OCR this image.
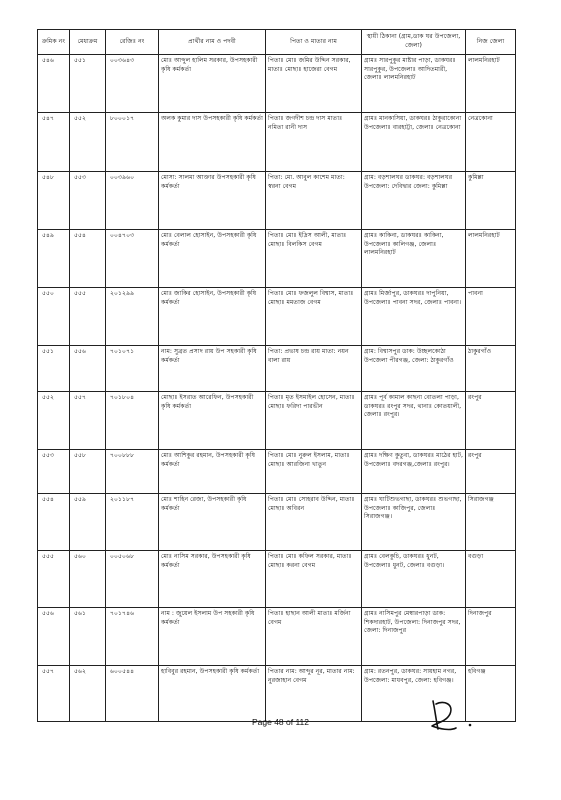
ক্রমিক নং	মেধাক্রম	রেজিঃ নং	প্রার্থীর নাম ও পদবী	পিতা ও মাতার নাম	স্থায়ী ঠিকানা (গ্রাম,ডাক ঘর উপজেলা, জেলা)	নিজ জেলা
৫৪৬	৫৫১	০০৩৬৪৩	মোঃ আব্দুল হালিম সরকার, উপসহকারী কৃষি কর্মকর্তা	পিতাঃ মোঃ জমির উদ্দিন সরকার, মাতাঃ মোছাঃ হাজেরা বেগম	গ্রামঃ সারপুকুর মাষ্টার পাড়া, ডাকঘরঃ সারপুকুর, উপজেলাঃ আদিতমারী, জেলাঃ লালমনিরহাট	লালমনিরহাট
৫৪৭	৫৫২	৮০০০১৭	অলক কুমার দাস উপসহকারী কৃষি কর্মকর্তা	পিতাঃ জগদীশ চন্দ্র দাস মাতাঃ নমিতা রানী দাস	গ্রামঃ মানকাসিয়া, ডাকঘরঃ ঠাকুরাকোনা উপজেলাঃ বারহাট্টা, জেলাঃ নেত্রকোনা	নেত্রকোনা
৫৪৮	৫৫৩	০০৩৯৬০	মোসা: সালমা আক্তার উপসহকারী কৃষি কর্মকর্তা	পিতা: মো. আবুল কাশেম মাতা: স্বরনা বেগম	গ্রাম: বড়শালঘর ডাকঘর: বড়শালঘর উপজেলা: দেবিদ্বার জেলা: কুমিল্লা	কুমিল্লা
৫৪৯	৫৫৪	০০৪৭০৩	মোঃ বেলাল হোসাইন, উপসহকারী কৃষি কর্মকর্তা	পিতাঃ মোঃ ইদ্রিস আলী, মাতাঃ মোছাঃ বিলকিস বেগম	গ্রামঃ কাকিনা, ডাকঘরঃ কাকিনা, উপজেলাঃ কালিগঞ্জ, জেলাঃ লালমনিরহাট	লালমনিরহাট
৫৫০	৫৫৫	২০১২৯৯	মোঃ জাকির হোসাইন, উপসহকারী কৃষি কর্মকর্তা	পিতাঃ মোঃ ফজলুল বিশ্বাস, মাতাঃ মোছাঃ মমতাজ বেগম	গ্রামঃ মির্জাপুর, ডাকঘরঃ দাপুনিয়া, উপজেলাঃ পাবনা সদর, জেলাঃ পাবনা।	পাবনা
৫৫১	৫৫৬	৭০১০৭১	নাম: সুব্রত প্রসাদ রায় উপ সহকারী কৃষি কর্মকর্তা	পিতা: প্রভাষ চন্দ্র রায় মাতা: নয়ন বালা রায়	গ্রাম: বিশ্বাসপুর ডাক: উচ্ছলকোঠা উপজেলা পীরগঞ্জ, জেলা: ঠাকুরগাঁও	ঠাকুরগাঁও
৫৫২	৫৫৭	৭০১৮০৪	মোছাঃ ইসরাত আরেফিন, উপসহকারী কৃষি কর্মকর্তা	পিতাঃ মৃত ইসমাইল হোসেন, মাতাঃ মোছাঃ ফরিদা পারভীন	গ্রামঃ পূর্ব কামাল কাছনা বোতলা পাড়া, ডাকঘরঃ রংপুর সদর, থানাঃ কোতয়ালী, জেলাঃ রংপুর।	রংপুর
৫৫৩	৫৫৮	৭০০৮৮৮	মোঃ আশিকুর রহমান, উপসহকারী কৃষি কর্মকর্তা	পিতাঃ মোঃ নুরুল ইসলাম, মাতাঃ মোছাঃ আরজিনা খাতুন	গ্রামঃ দক্ষিণ কুতুবা, ডাকঘরঃ মাঠের হাট, উপজেলাঃ বদরগঞ্জ,জেলাঃ রংপুর।	রংপুর
৫৫৪	৫৫৯	২০১১৮৭	মোঃ শাহিন রেজা, উপসহকারী কৃষি কর্মকর্তা	পিতাঃ মোঃ সোহরাব উদ্দিন, মাতাঃ মোছাঃ অবিরন	গ্রামঃ ঘাটিশুভগাছা, ডাকঘরঃ শুভগাছা, উপজেলাঃ কাজিপুর, জেলাঃ সিরাজগঞ্জ।	সিরাজগঞ্জ
৫৫৫	৫৬০	০০৫০৬৮	মোঃ নাসিম সরকার, উপসহকারী কৃষি কর্মকর্তা	পিতাঃ মোঃ কফিল সরকার, মাতাঃ মোছাঃ করনা বেগম	গ্রামঃ বেলকুচি, ডাকঘরঃ ধুনট, উপজেলাঃ ধুনট, জেলাঃ বগুড়া।	বগুড়া
৫৫৬	৫৬১	৭০১৭৪৬	নাম : জুয়েল ইসলাম উপ সহকারী কৃষি কর্মকর্তা	পিতাঃ হাছান আলী মাতাঃ মর্জিনা বেগম	গ্রামঃ নাসিমপুর মেম্বারপাড়া ডাক: শিকদারহাট, উপজেলা: দিনাজপুর সদর, জেলা: দিনাজপুর	দিনাজপুর
৫৫৭	৫৬২	৬০০৫৪৪	হাবিবুর রহমান, উপসহকারী কৃষি কর্মকর্তা	পিতার নাম: আব্দুর নূর, মাতার নাম: নুরজাহান বেগম	গ্রাম: রতনপুর, ডাকঘর: সায়হাম নগর, উপজেলা: মাধবপুর, জেলা: হবিগঞ্জ।	হবিগঞ্জ
Page 48 of 112
